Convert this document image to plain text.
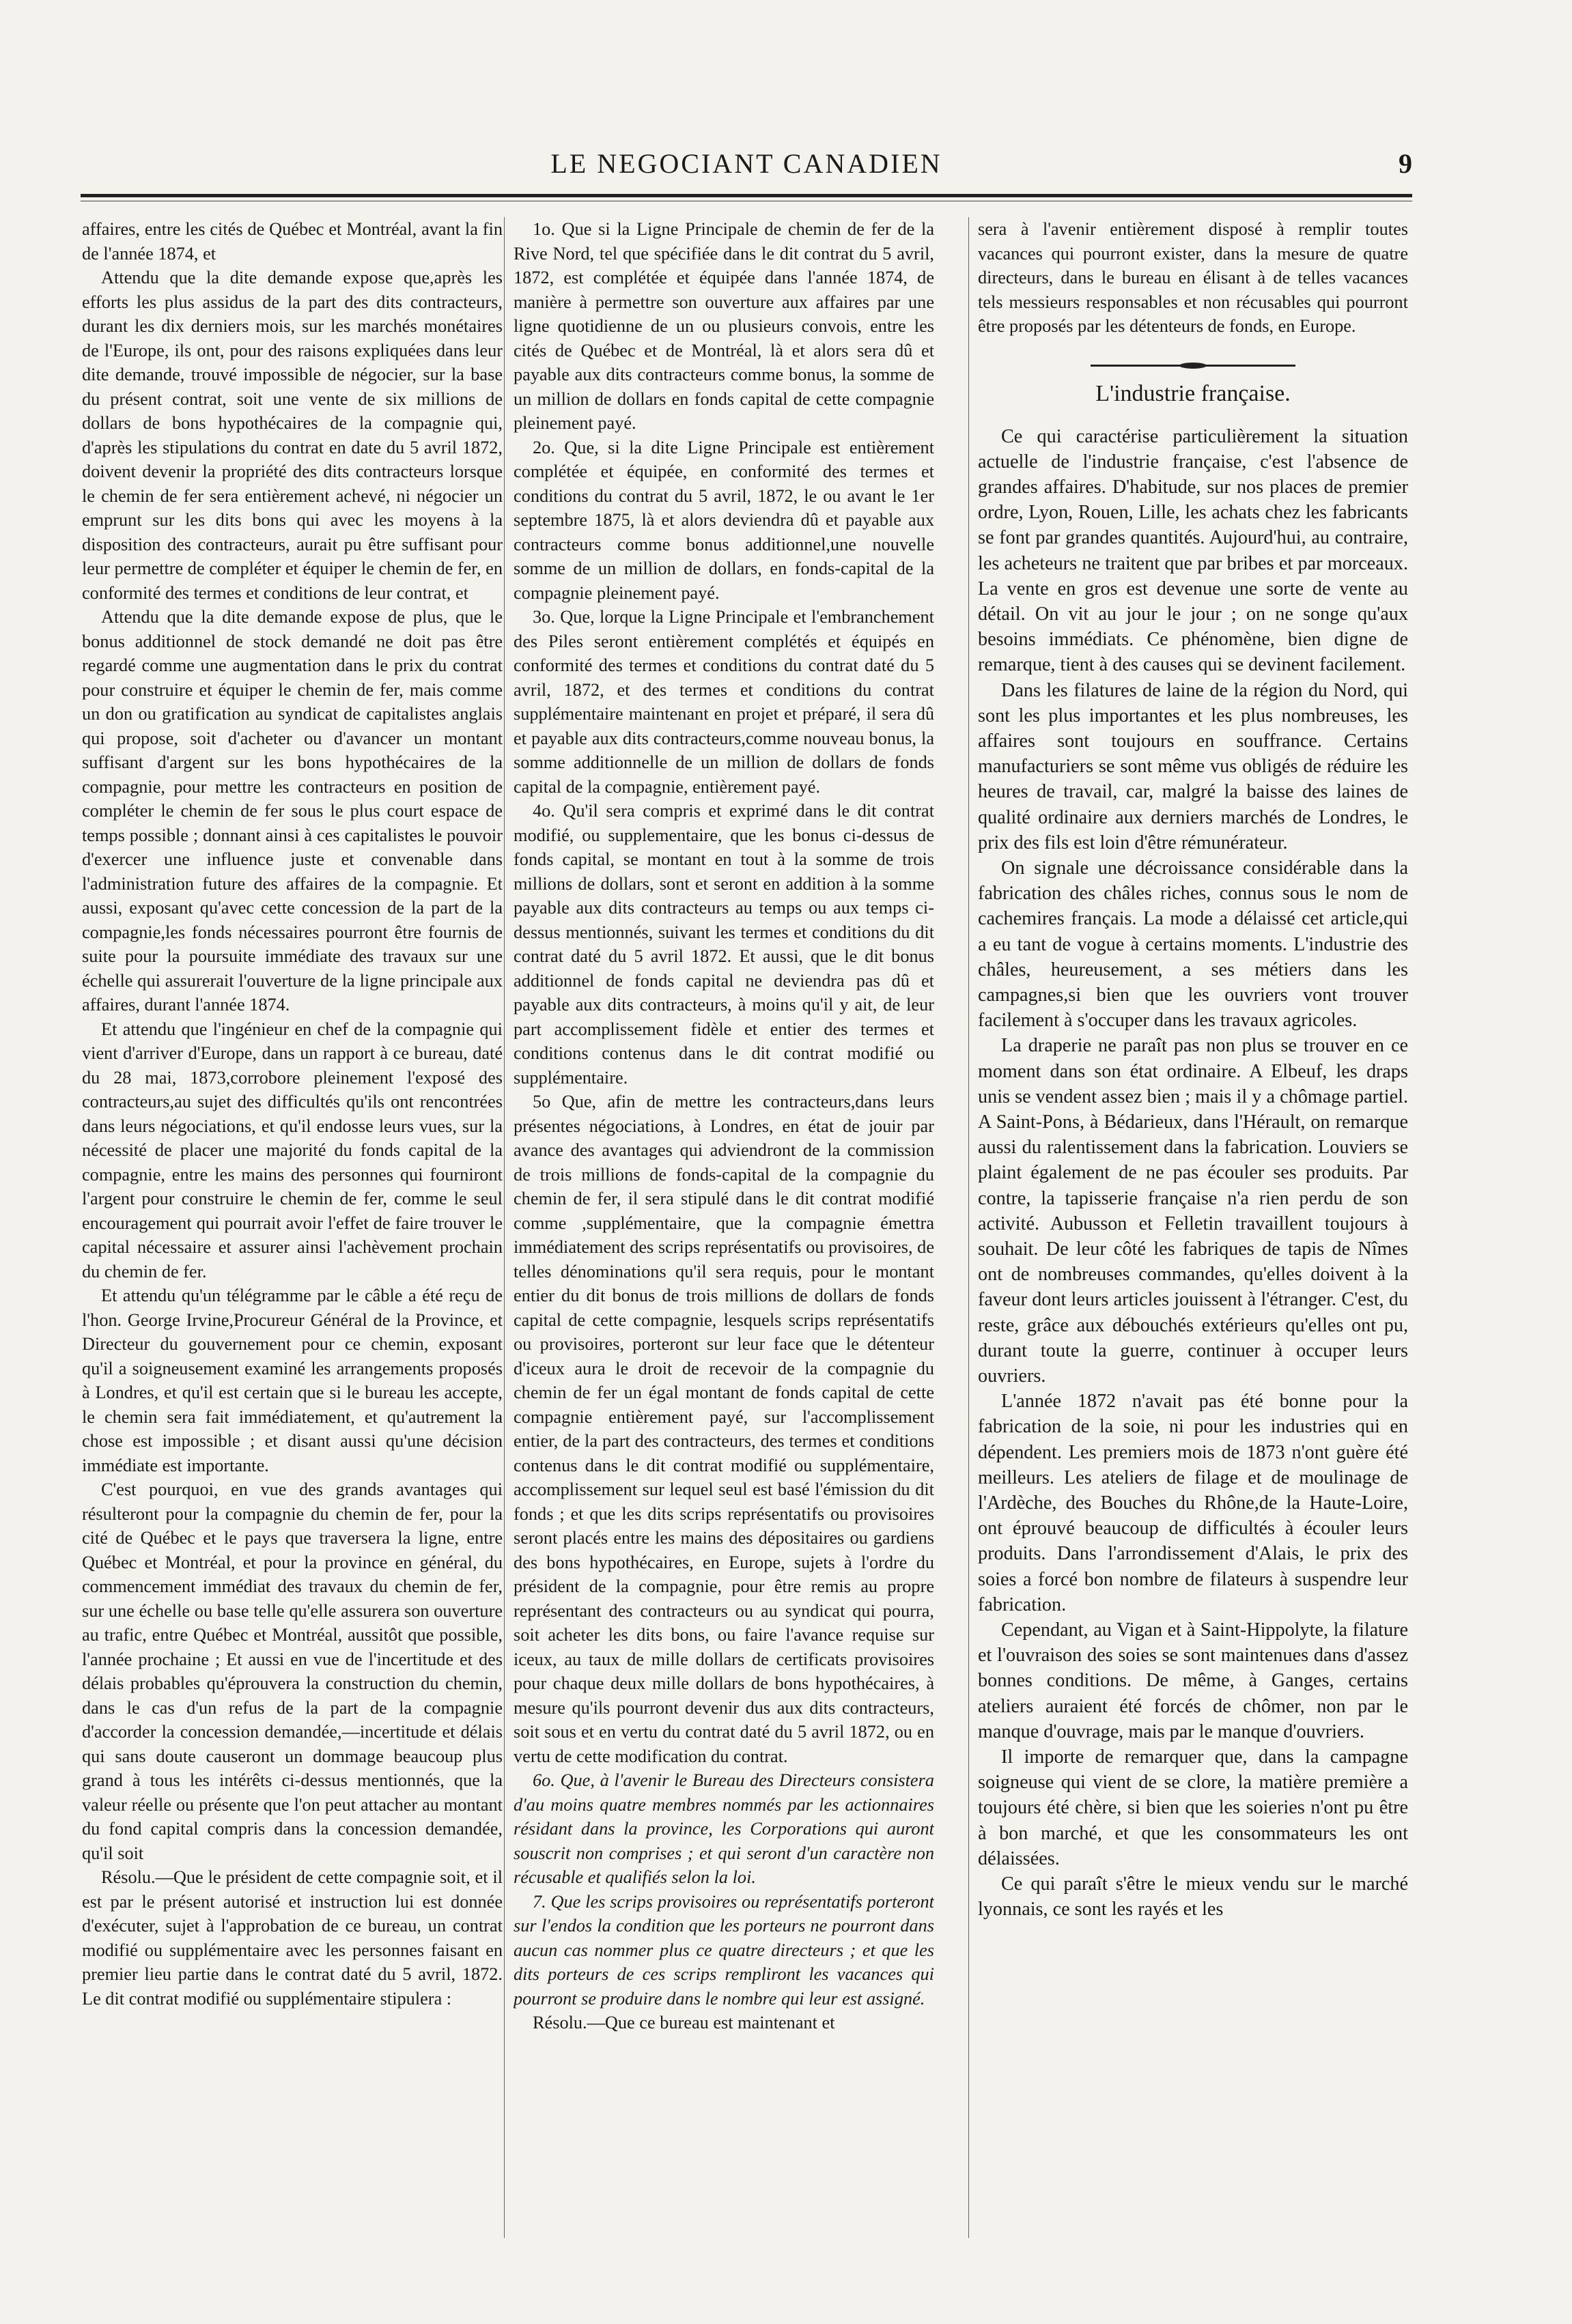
LE NEGOCIANT CANADIEN	9

affaires, entre les cités de Québec et Montréal, avant la fin de l'année 1874, et

Attendu que la dite demande expose que,après les efforts les plus assidus de la part des dits contracteurs, durant les dix derniers mois, sur les marchés monétaires de l'Europe, ils ont, pour des raisons expliquées dans leur dite demande, trouvé impossible de négocier, sur la base du présent contrat, soit une vente de six millions de dollars de bons hypothécaires de la compagnie qui, d'après les stipulations du contrat en date du 5 avril 1872, doivent devenir la propriété des dits contracteurs lorsque le chemin de fer sera entièrement achevé, ni négocier un emprunt sur les dits bons qui avec les moyens à la disposition des contracteurs, aurait pu être suffisant pour leur permettre de compléter et équiper le chemin de fer, en conformité des termes et conditions de leur contrat, et

Attendu que la dite demande expose de plus, que le bonus additionnel de stock demandé ne doit pas être regardé comme une augmentation dans le prix du contrat pour construire et équiper le chemin de fer, mais comme un don ou gratification au syndicat de capitalistes anglais qui propose, soit d'acheter ou d'avancer un montant suffisant d'argent sur les bons hypothécaires de la compagnie, pour mettre les contracteurs en position de compléter le chemin de fer sous le plus court espace de temps possible ; donnant ainsi à ces capitalistes le pouvoir d'exercer une influence juste et convenable dans l'administration future des affaires de la compagnie. Et aussi, exposant qu'avec cette concession de la part de la compagnie,les fonds nécessaires pourront être fournis de suite pour la poursuite immédiate des travaux sur une échelle qui assurerait l'ouverture de la ligne principale aux affaires, durant l'année 1874.

Et attendu que l'ingénieur en chef de la compagnie qui vient d'arriver d'Europe, dans un rapport à ce bureau, daté du 28 mai, 1873,corrobore pleinement l'exposé des contracteurs,au sujet des difficultés qu'ils ont rencontrées dans leurs négociations, et qu'il endosse leurs vues, sur la nécessité de placer une majorité du fonds capital de la compagnie, entre les mains des personnes qui fourniront l'argent pour construire le chemin de fer, comme le seul encouragement qui pourrait avoir l'effet de faire trouver le capital nécessaire et assurer ainsi l'achèvement prochain du chemin de fer.

Et attendu qu'un télégramme par le câble a été reçu de l'hon. George Irvine,Procureur Général de la Province, et Directeur du gouvernement pour ce chemin, exposant qu'il a soigneusement examiné les arrangements proposés à Londres, et qu'il est certain que si le bureau les accepte, le chemin sera fait immédiatement, et qu'autrement la chose est impossible ; et disant aussi qu'une décision immédiate est importante.

C'est pourquoi, en vue des grands avantages qui résulteront pour la compagnie du chemin de fer, pour la cité de Québec et le pays que traversera la ligne, entre Québec et Montréal, et pour la province en général, du commencement immédiat des travaux du chemin de fer, sur une échelle ou base telle qu'elle assurera son ouverture au trafic, entre Québec et Montréal, aussitôt que possible, l'année prochaine ; Et aussi en vue de l'incertitude et des délais probables qu'éprouvera la construction du chemin, dans le cas d'un refus de la part de la compagnie d'accorder la concession demandée,—incertitude et délais qui sans doute causeront un dommage beaucoup plus grand à tous les intérêts ci-dessus mentionnés, que la valeur réelle ou présente que l'on peut attacher au montant du fond capital compris dans la concession demandée, qu'il soit

Résolu.—Que le président de cette compagnie soit, et il est par le présent autorisé et instruction lui est donnée d'exécuter, sujet à l'approbation de ce bureau, un contrat modifié ou supplémentaire avec les personnes faisant en premier lieu partie dans le contrat daté du 5 avril, 1872. Le dit contrat modifié ou supplémentaire stipulera :

1o. Que si la Ligne Principale de chemin de fer de la Rive Nord, tel que spécifiée dans le dit contrat du 5 avril, 1872, est complétée et équipée dans l'année 1874, de manière à permettre son ouverture aux affaires par une ligne quotidienne de un ou plusieurs convois, entre les cités de Québec et de Montréal, là et alors sera dû et payable aux dits contracteurs comme bonus, la somme de un million de dollars en fonds capital de cette compagnie pleinement payé.

2o. Que, si la dite Ligne Principale est entièrement complétée et équipée, en conformité des termes et conditions du contrat du 5 avril, 1872, le ou avant le 1er septembre 1875, là et alors deviendra dû et payable aux contracteurs comme bonus additionnel,une nouvelle somme de un million de dollars, en fonds-capital de la compagnie pleinement payé.

3o. Que, lorque la Ligne Principale et l'embranchement des Piles seront entièrement complétés et équipés en conformité des termes et conditions du contrat daté du 5 avril, 1872, et des termes et conditions du contrat supplémentaire maintenant en projet et préparé, il sera dû et payable aux dits contracteurs,comme nouveau bonus, la somme additionnelle de un million de dollars de fonds capital de la compagnie, entièrement payé.

4o. Qu'il sera compris et exprimé dans le dit contrat modifié, ou supplementaire, que les bonus ci-dessus de fonds capital, se montant en tout à la somme de trois millions de dollars, sont et seront en addition à la somme payable aux dits contracteurs au temps ou aux temps ci-dessus mentionnés, suivant les termes et conditions du dit contrat daté du 5 avril 1872. Et aussi, que le dit bonus additionnel de fonds capital ne deviendra pas dû et payable aux dits contracteurs, à moins qu'il y ait, de leur part accomplissement fidèle et entier des termes et conditions contenus dans le dit contrat modifié ou supplémentaire.

5o Que, afin de mettre les contracteurs,dans leurs présentes négociations, à Londres, en état de jouir par avance des avantages qui adviendront de la commission de trois millions de fonds-capital de la compagnie du chemin de fer, il sera stipulé dans le dit contrat modifié comme ,supplémentaire, que la compagnie émettra immédiatement des scrips représentatifs ou provisoires, de telles dénominations qu'il sera requis, pour le montant entier du dit bonus de trois millions de dollars de fonds capital de cette compagnie, lesquels scrips représentatifs ou provisoires, porteront sur leur face que le détenteur d'iceux aura le droit de recevoir de la compagnie du chemin de fer un égal montant de fonds capital de cette compagnie entièrement payé, sur l'accomplissement entier, de la part des contracteurs, des termes et conditions contenus dans le dit contrat modifié ou supplémentaire, accomplissement sur lequel seul est basé l'émission du dit fonds ; et que les dits scrips représentatifs ou provisoires seront placés entre les mains des dépositaires ou gardiens des bons hypothécaires, en Europe, sujets à l'ordre du président de la compagnie, pour être remis au propre représentant des contracteurs ou au syndicat qui pourra, soit acheter les dits bons, ou faire l'avance requise sur iceux, au taux de mille dollars de certificats provisoires pour chaque deux mille dollars de bons hypothécaires, à mesure qu'ils pourront devenir dus aux dits contracteurs, soit sous et en vertu du contrat daté du 5 avril 1872, ou en vertu de cette modification du contrat.

6o. Que, à l'avenir le Bureau des Directeurs consistera d'au moins quatre membres nommés par les actionnaires résidant dans la province, les Corporations qui auront souscrit non comprises ; et qui seront d'un caractère non récusable et qualifiés selon la loi.

7. Que les scrips provisoires ou représentatifs porteront sur l'endos la condition que les porteurs ne pourront dans aucun cas nommer plus ce quatre directeurs ; et que les dits porteurs de ces scrips rempliront les vacances qui pourront se produire dans le nombre qui leur est assigné.

Résolu.—Que ce bureau est maintenant et

sera à l'avenir entièrement disposé à remplir toutes vacances qui pourront exister, dans la mesure de quatre directeurs, dans le bureau en élisant à de telles vacances tels messieurs responsables et non récusables qui pourront être proposés par les détenteurs de fonds, en Europe.

L'industrie française.

Ce qui caractérise particulièrement la situation actuelle de l'industrie française, c'est l'absence de grandes affaires. D'habitude, sur nos places de premier ordre, Lyon, Rouen, Lille, les achats chez les fabricants se font par grandes quantités. Aujourd'hui, au contraire, les acheteurs ne traitent que par bribes et par morceaux. La vente en gros est devenue une sorte de vente au détail. On vit au jour le jour ; on ne songe qu'aux besoins immédiats. Ce phénomène, bien digne de remarque, tient à des causes qui se devinent facilement.

Dans les filatures de laine de la région du Nord, qui sont les plus importantes et les plus nombreuses, les affaires sont toujours en souffrance. Certains manufacturiers se sont même vus obligés de réduire les heures de travail, car, malgré la baisse des laines de qualité ordinaire aux derniers marchés de Londres, le prix des fils est loin d'être rémunérateur.

On signale une décroissance considérable dans la fabrication des châles riches, connus sous le nom de cachemires français. La mode a délaissé cet article,qui a eu tant de vogue à certains moments. L'industrie des châles, heureusement, a ses métiers dans les campagnes,si bien que les ouvriers vont trouver facilement à s'occuper dans les travaux agricoles.

La draperie ne paraît pas non plus se trouver en ce moment dans son état ordinaire. A Elbeuf, les draps unis se vendent assez bien ; mais il y a chômage partiel. A Saint-Pons, à Bédarieux, dans l'Hérault, on remarque aussi du ralentissement dans la fabrication. Louviers se plaint également de ne pas écouler ses produits. Par contre, la tapisserie française n'a rien perdu de son activité. Aubusson et Felletin travaillent toujours à souhait. De leur côté les fabriques de tapis de Nîmes ont de nombreuses commandes, qu'elles doivent à la faveur dont leurs articles jouissent à l'étranger. C'est, du reste, grâce aux débouchés extérieurs qu'elles ont pu, durant toute la guerre, continuer à occuper leurs ouvriers.

L'année 1872 n'avait pas été bonne pour la fabrication de la soie, ni pour les industries qui en dépendent. Les premiers mois de 1873 n'ont guère été meilleurs. Les ateliers de filage et de moulinage de l'Ardèche, des Bouches du Rhône,de la Haute-Loire, ont éprouvé beaucoup de difficultés à écouler leurs produits. Dans l'arrondissement d'Alais, le prix des soies a forcé bon nombre de filateurs à suspendre leur fabrication.

Cependant, au Vigan et à Saint-Hippolyte, la filature et l'ouvraison des soies se sont maintenues dans d'assez bonnes conditions. De même, à Ganges, certains ateliers auraient été forcés de chômer, non par le manque d'ouvrage, mais par le manque d'ouvriers.

Il importe de remarquer que, dans la campagne soigneuse qui vient de se clore, la matière première a toujours été chère, si bien que les soieries n'ont pu être à bon marché, et que les consommateurs les ont délaissées.

Ce qui paraît s'être le mieux vendu sur le marché lyonnais, ce sont les rayés et les
